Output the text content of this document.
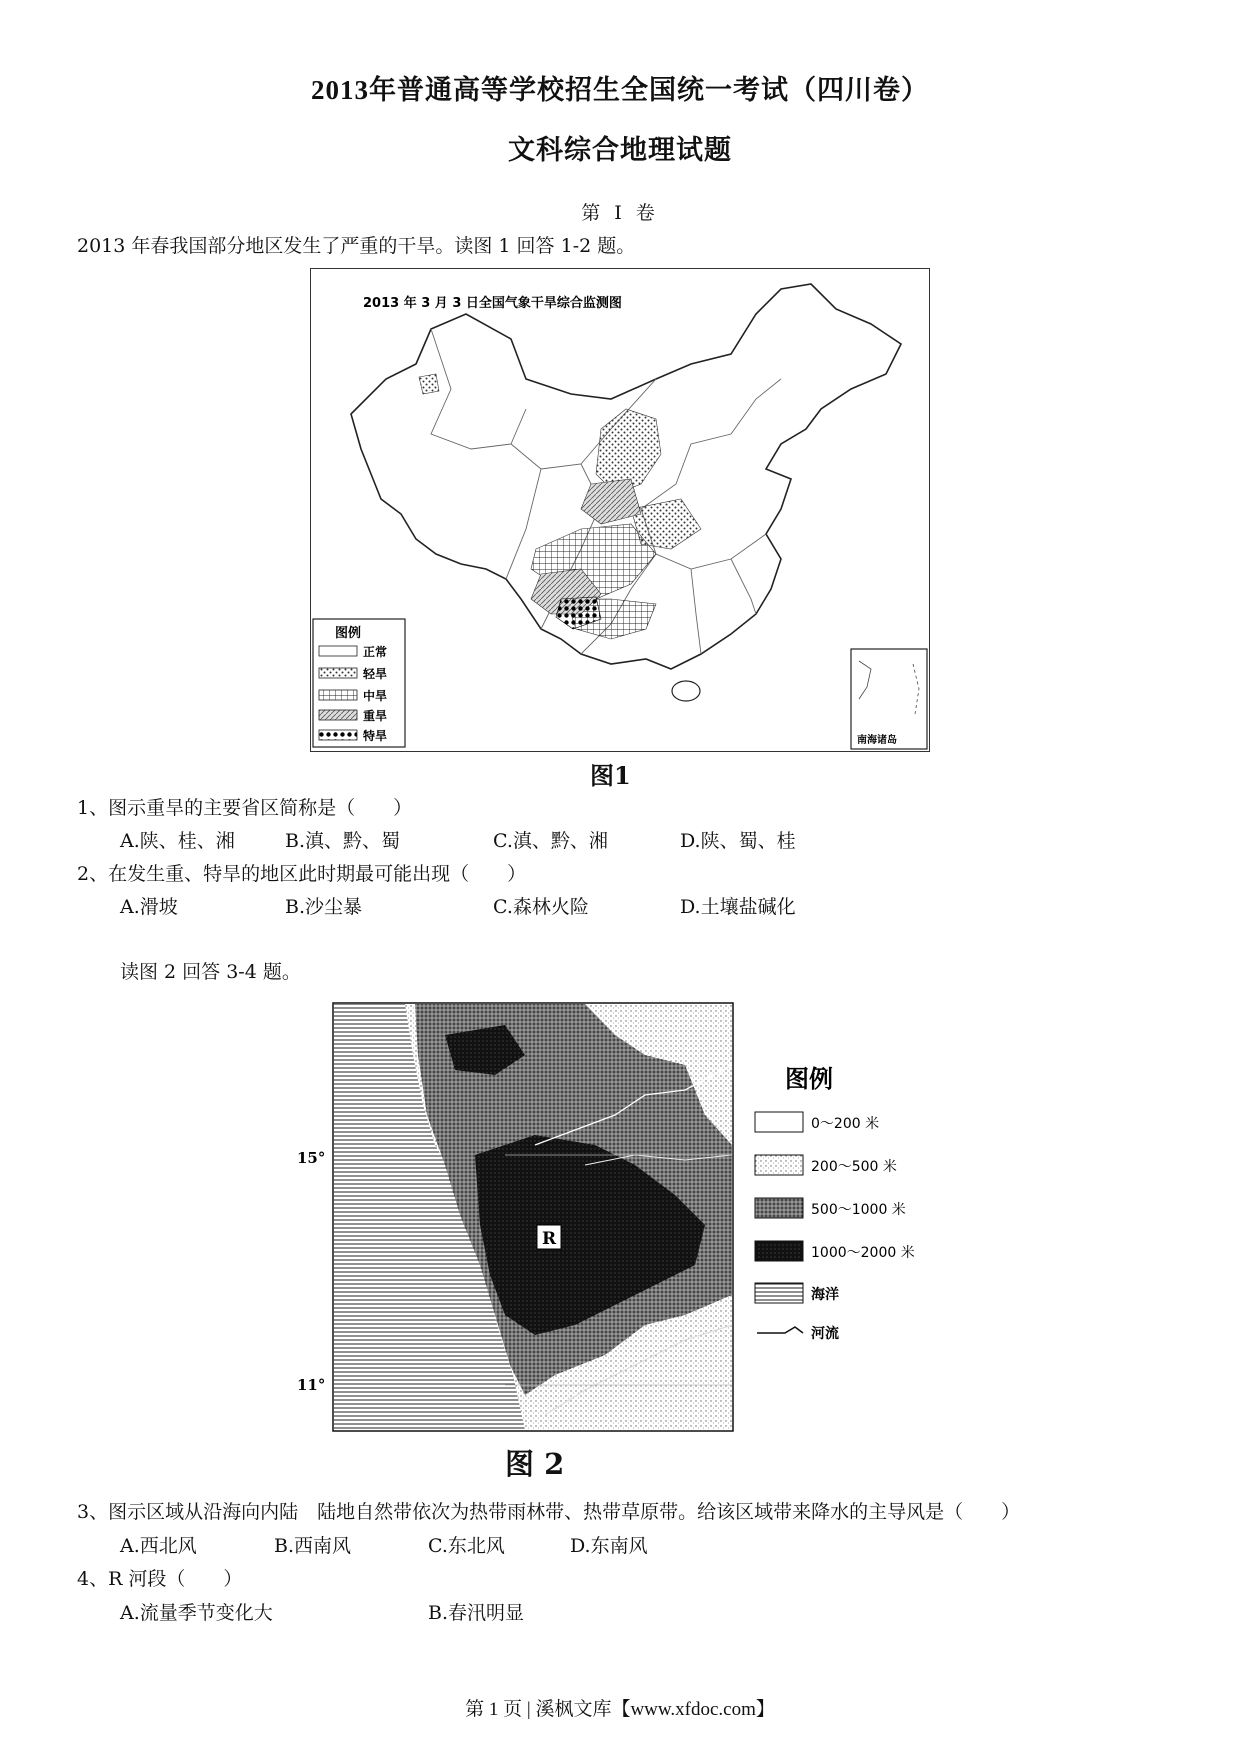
2013年普通高等学校招生全国统一考试（四川卷）
文科综合地理试题
第 I 卷
2013 年春我国部分地区发生了严重的干旱。读图 1 回答 1-2 题。
2013 年 3 月 3 日全国气象干旱综合监测图
图例
正常
轻旱
中旱
重旱
特旱	南海诸岛
图1
1、图示重旱的主要省区简称是（　　）
A.陕、桂、湘	B.滇、黔、蜀	C.滇、黔、湘	D.陕、蜀、桂
2、在发生重、特旱的地区此时期最可能出现（　　）
A.滑坡	B.沙尘暴	C.森林火险	D.土壤盐碱化
读图 2 回答 3-4 题。
15°
11°
R
图例
0～200 米
200～500 米
500～1000 米
1000～2000 米
海洋
河流
图 2
3、图示区域从沿海向内陆　陆地自然带依次为热带雨林带、热带草原带。给该区域带来降水的主导风是（　　）
A.西北风	B.西南风	C.东北风	D.东南风
4、R 河段（　　）
A.流量季节变化大	B.春汛明显
第 1 页 | 溪枫文库【www.xfdoc.com】
